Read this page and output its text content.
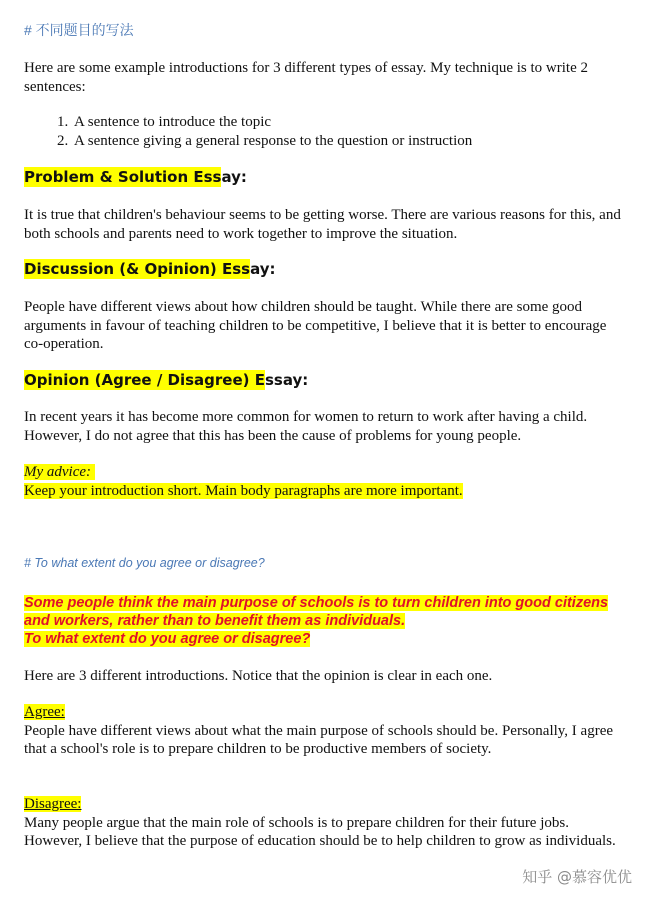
# 不同题目的写法
Here are some example introductions for 3 different types of essay. My technique is to write 2 sentences:
1. A sentence to introduce the topic
2. A sentence giving a general response to the question or instruction
Problem & Solution Essay:
It is true that children's behaviour seems to be getting worse. There are various reasons for this, and both schools and parents need to work together to improve the situation.
Discussion (& Opinion) Essay:
People have different views about how children should be taught. While there are some good arguments in favour of teaching children to be competitive, I believe that it is better to encourage co-operation.
Opinion (Agree / Disagree) Essay:
In recent years it has become more common for women to return to work after having a child. However, I do not agree that this has been the cause of problems for young people.
My advice:
Keep your introduction short. Main body paragraphs are more important.
# To what extent do you agree or disagree?
Some people think the main purpose of schools is to turn children into good citizens
and workers, rather than to benefit them as individuals.
To what extent do you agree or disagree?
Here are 3 different introductions. Notice that the opinion is clear in each one.
Agree:
People have different views about what the main purpose of schools should be. Personally, I agree that a school's role is to prepare children to be productive members of society.
Disagree:
Many people argue that the main role of schools is to prepare children for their future jobs. However, I believe that the purpose of education should be to help children to grow as individuals.
知乎 @慕容优优
